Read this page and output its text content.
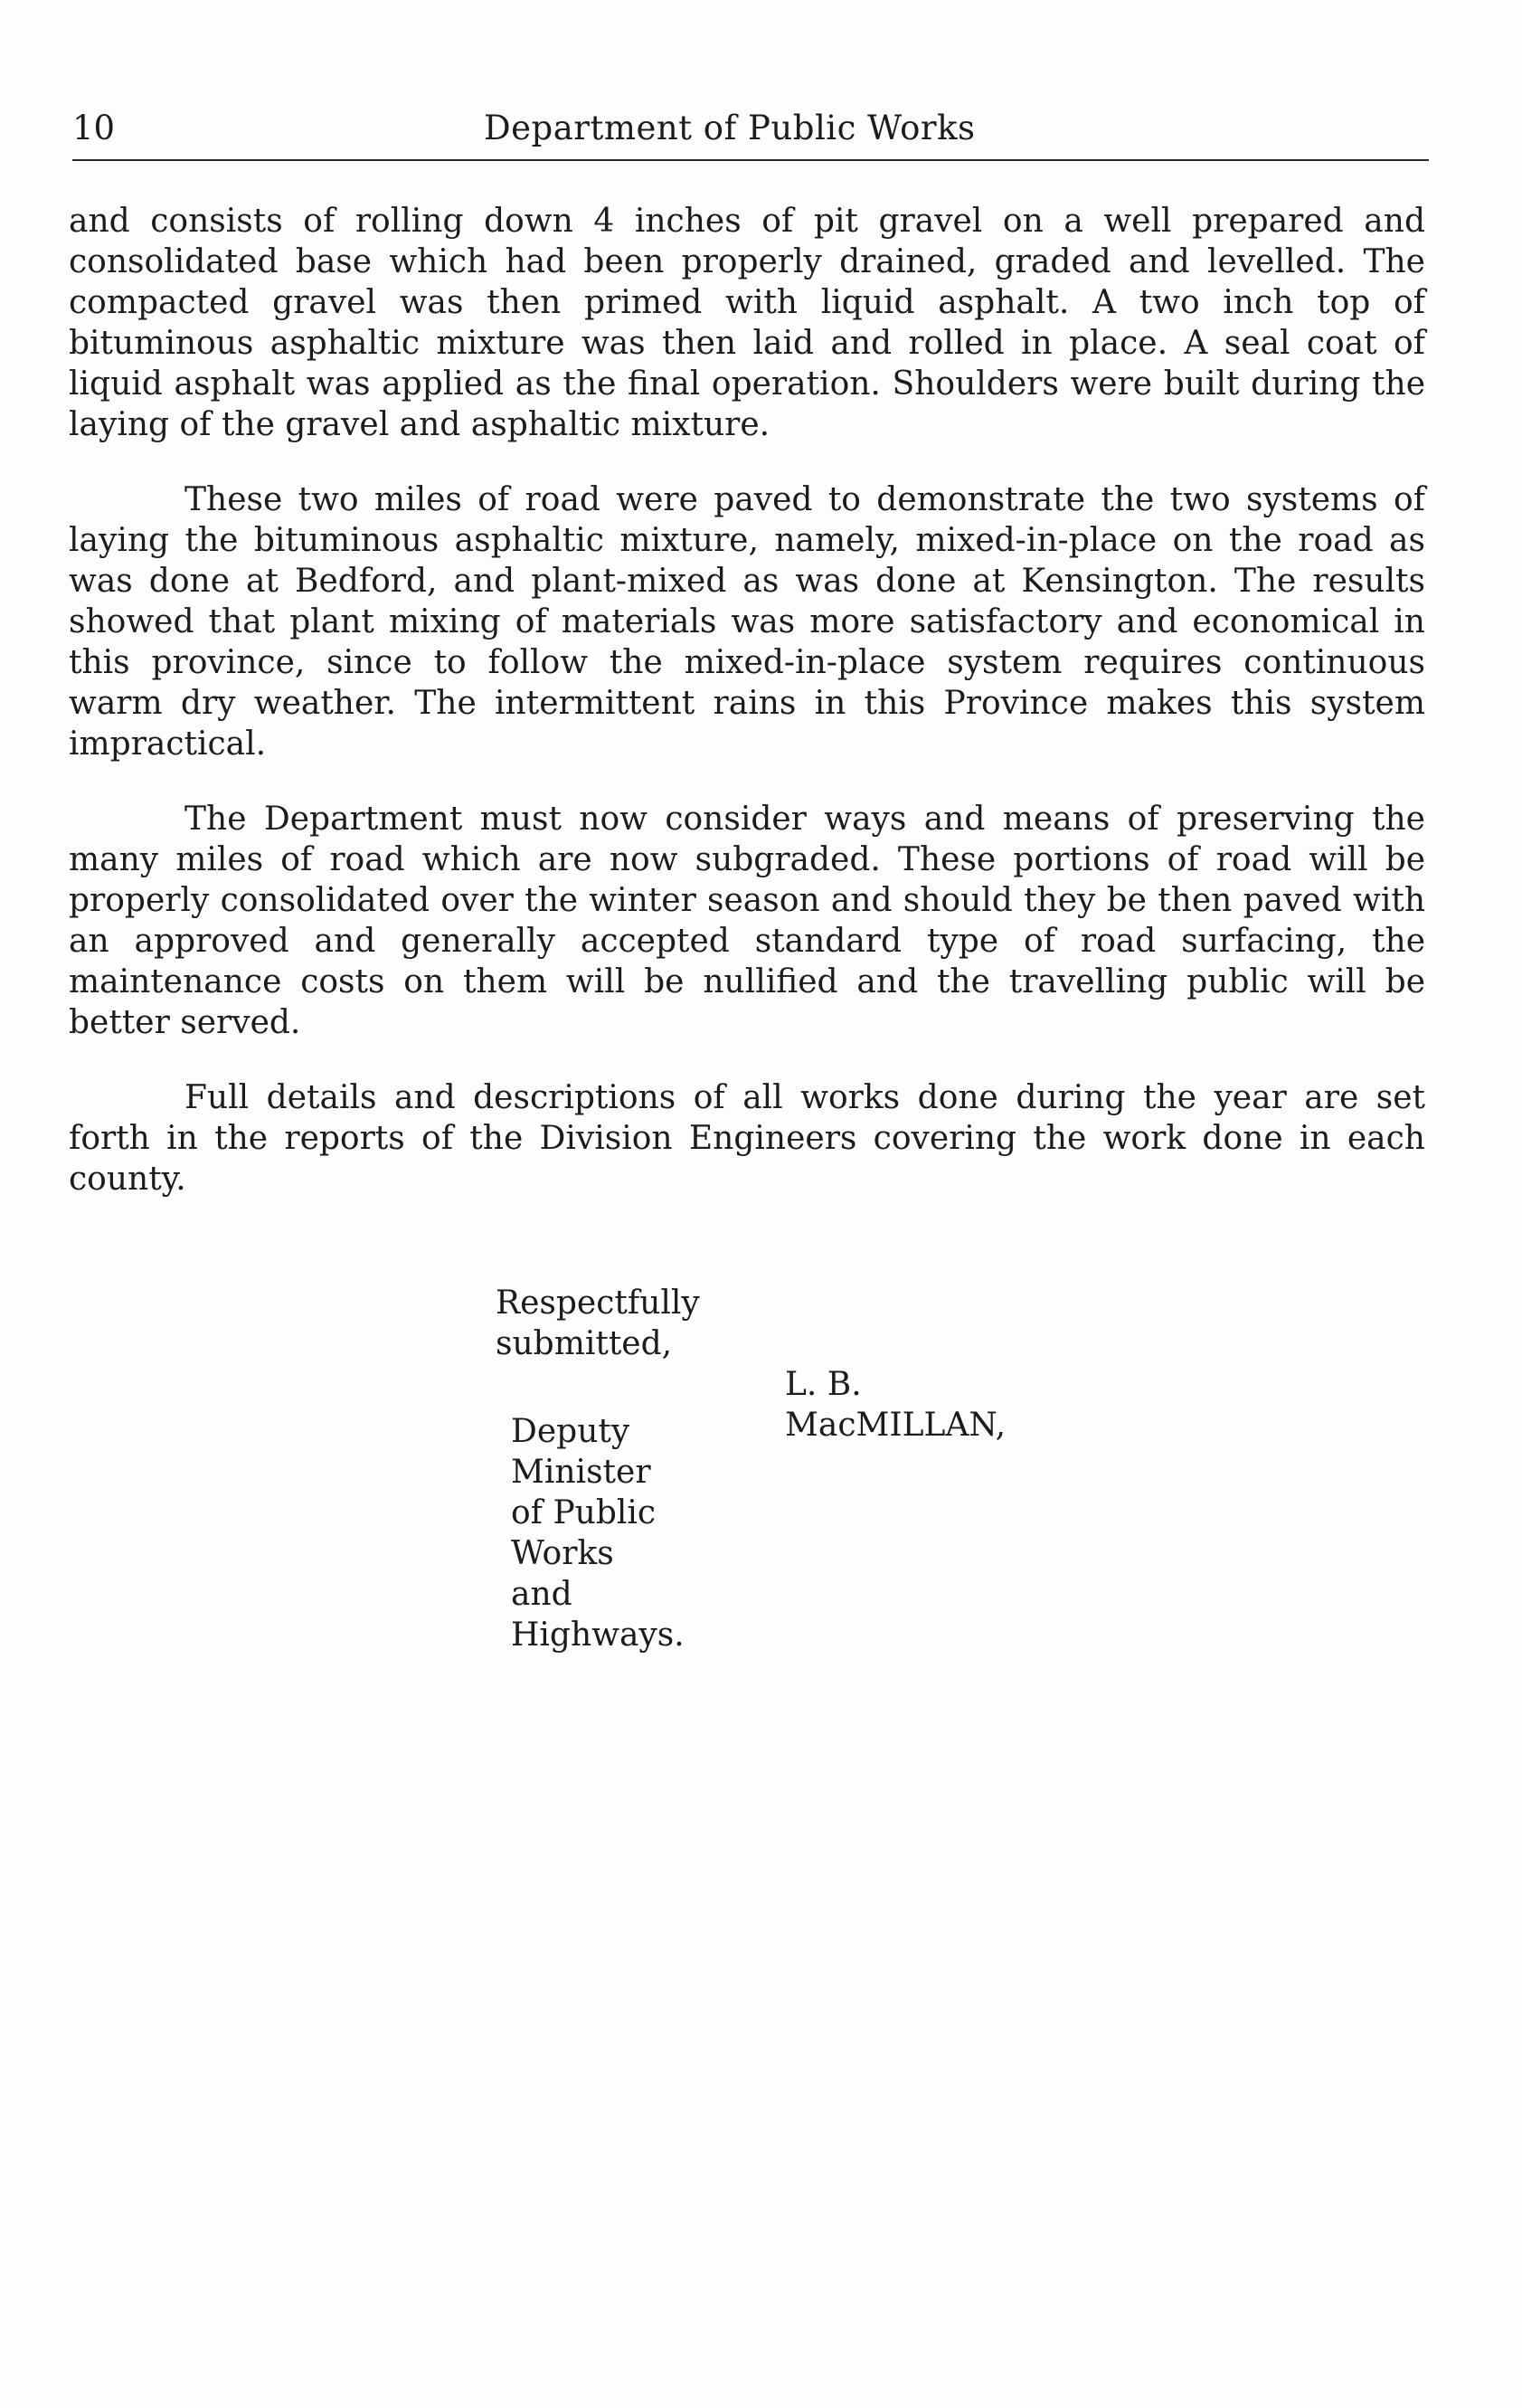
10	Department of Public Works

and consists of rolling down 4 inches of pit gravel on a well prepared and consolidated base which had been properly drained, graded and levelled. The compacted gravel was then primed with liquid asphalt. A two inch top of bituminous asphaltic mixture was then laid and rolled in place. A seal coat of liquid asphalt was applied as the final operation. Shoulders were built during the laying of the gravel and asphaltic mixture.

These two miles of road were paved to demonstrate the two systems of laying the bituminous asphaltic mixture, namely, mixed-in-place on the road as was done at Bedford, and plant-mixed as was done at Kensington. The results showed that plant mixing of materials was more satisfactory and economical in this province, since to follow the mixed-in-place system requires continuous warm dry weather. The intermittent rains in this Province makes this system impractical.

The Department must now consider ways and means of preserving the many miles of road which are now subgraded. These portions of road will be properly consolidated over the winter season and should they be then paved with an approved and generally accepted standard type of road surfacing, the maintenance costs on them will be nullified and the travelling public will be better served.

Full details and descriptions of all works done during the year are set forth in the reports of the Division Engineers covering the work done in each county.

Respectfully submitted,
L. B. MacMILLAN,
Deputy Minister of Public Works and Highways.
